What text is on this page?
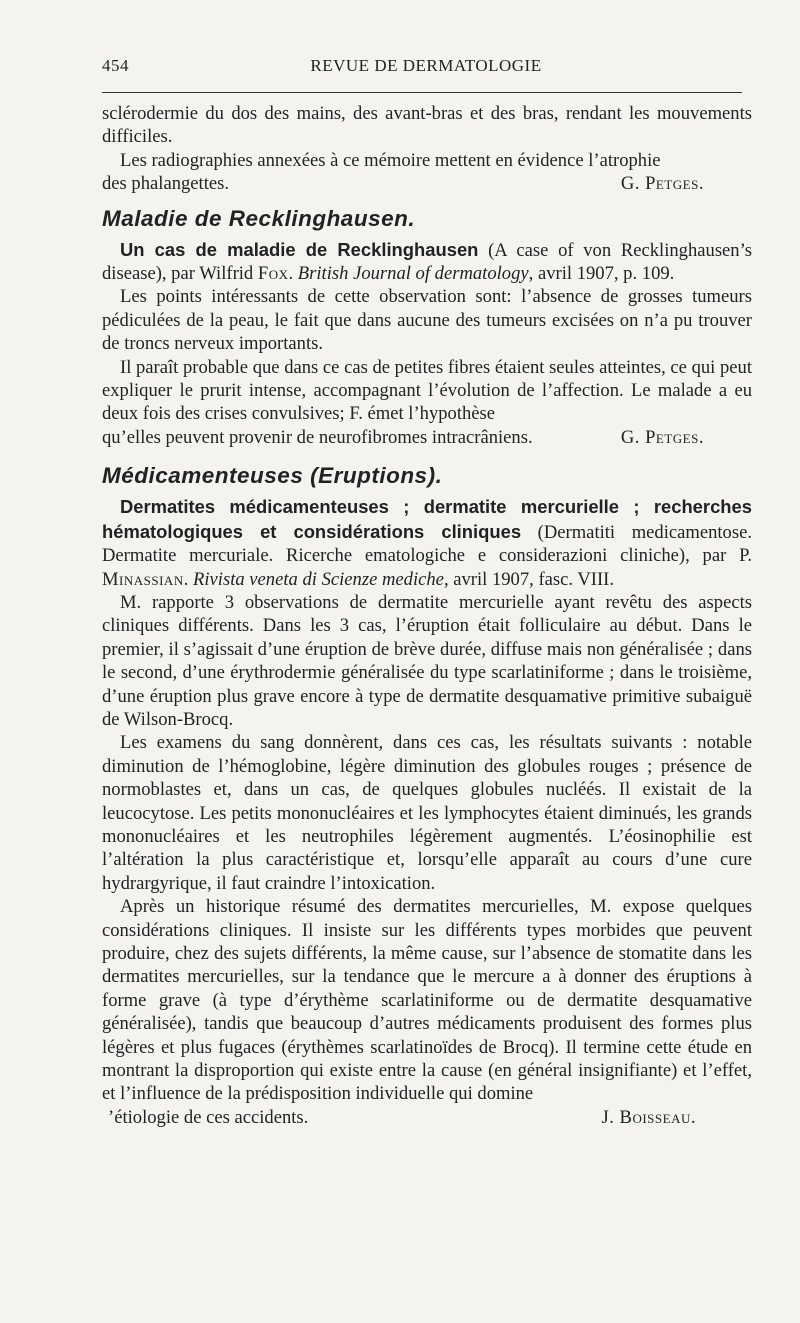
454	REVUE DE DERMATOLOGIE

sclérodermie du dos des mains, des avant-bras et des bras, rendant les mouvements difficiles.

Les radiographies annexées à ce mémoire mettent en évidence l’atrophie

des phalangettes.	G. Petges.

Maladie de Recklinghausen.

Un cas de maladie de Recklinghausen (A case of von Recklinghausen’s disease), par Wilfrid Fox. British Journal of dermatology, avril 1907, p. 109.

Les points intéressants de cette observation sont: l’absence de grosses tumeurs pédiculées de la peau, le fait que dans aucune des tumeurs excisées on n’a pu trouver de troncs nerveux importants.

Il paraît probable que dans ce cas de petites fibres étaient seules atteintes, ce qui peut expliquer le prurit intense, accompagnant l’évolution de l’affection. Le malade a eu deux fois des crises convulsives; F. émet l’hypothèse

qu’elles peuvent provenir de neurofibromes intracrâniens.	G. Petges.

Médicamenteuses (Eruptions).

Dermatites médicamenteuses ; dermatite mercurielle ; recherches hématologiques et considérations cliniques (Dermatiti medicamentose. Dermatite mercuriale. Ricerche ematologiche e considerazioni cliniche), par P. Minassian. Rivista veneta di Scienze mediche, avril 1907, fasc. VIII.

M. rapporte 3 observations de dermatite mercurielle ayant revêtu des aspects cliniques différents. Dans les 3 cas, l’éruption était folliculaire au début. Dans le premier, il s’agissait d’une éruption de brève durée, diffuse mais non généralisée ; dans le second, d’une érythrodermie généralisée du type scarlatiniforme ; dans le troisième, d’une éruption plus grave encore à type de dermatite desquamative primitive subaiguë de Wilson-Brocq.

Les examens du sang donnèrent, dans ces cas, les résultats suivants : notable diminution de l’hémoglobine, légère diminution des globules rouges ; présence de normoblastes et, dans un cas, de quelques globules nucléés. Il existait de la leucocytose. Les petits mononucléaires et les lymphocytes étaient diminués, les grands mononucléaires et les neutrophiles légèrement augmentés. L’éosinophilie est l’altération la plus caractéristique et, lorsqu’elle apparaît au cours d’une cure hydrargyrique, il faut craindre l’intoxication.

Après un historique résumé des dermatites mercurielles, M. expose quelques considérations cliniques. Il insiste sur les différents types morbides que peuvent produire, chez des sujets différents, la même cause, sur l’absence de stomatite dans les dermatites mercurielles, sur la tendance que le mercure a à donner des éruptions à forme grave (à type d’érythème scarlatiniforme ou de dermatite desquamative généralisée), tandis que beaucoup d’autres médicaments produisent des formes plus légères et plus fugaces (érythèmes scarlatinoïdes de Brocq). Il termine cette étude en montrant la disproportion qui existe entre la cause (en général insignifiante) et l’effet, et l’influence de la prédisposition individuelle qui domine

’étiologie de ces accidents.	J. Boisseau.
